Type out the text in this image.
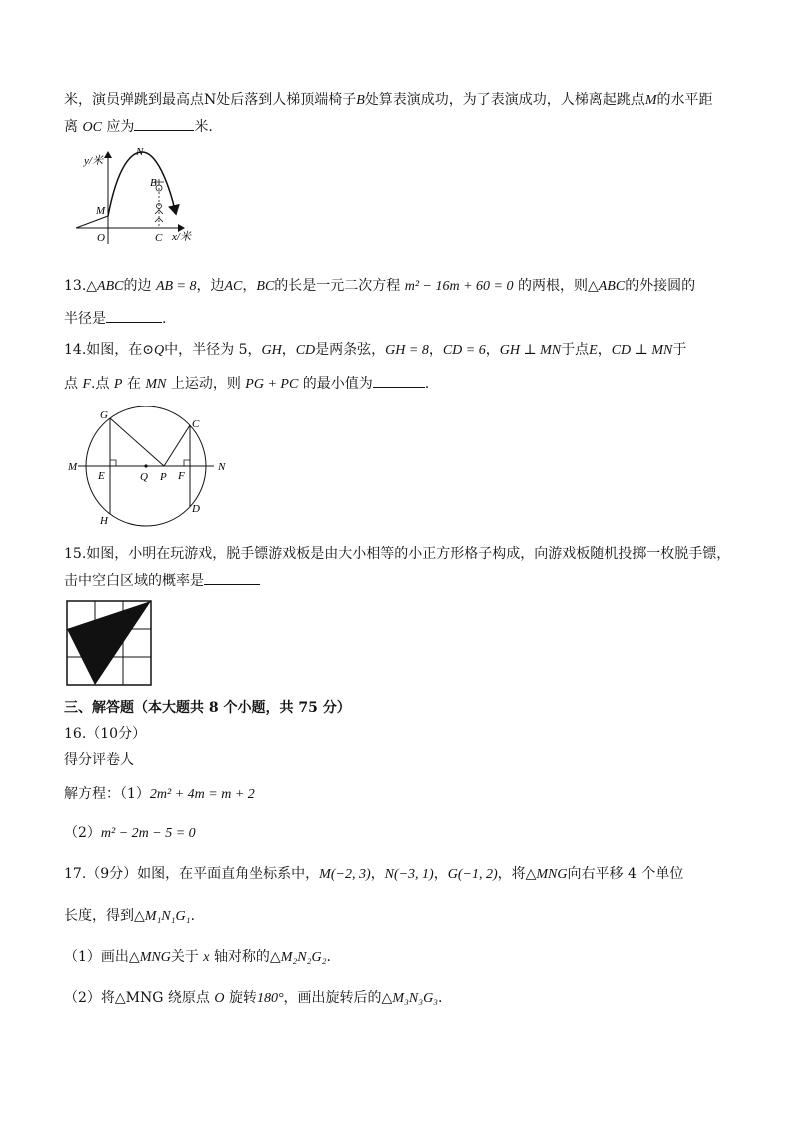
米，演员弹跳到最高点N处后落到人梯顶端椅子B处算表演成功，为了表演成功，人梯离起跳点M的水平距
离 OC 应为	米.
y/米
N
B
M
O	C x/米
13.△ABC的边 AB = 8，边AC，BC的长是一元二次方程 m² − 16m + 60 = 0 的两根，则△ABC的外接圆的
半径是	.
14.如图，在⊙Q中，半径为 5，GH，CD是两条弦，GH = 8，CD = 6，GH ⊥ MN于点E，CD ⊥ MN于
点 F.点 P 在 MN 上运动，则 PG + PC 的最小值为	.
G
C
M	N
E	Q P F
H
D
15.如图，小明在玩游戏，脱手镖游戏板是由大小相等的小正方形格子构成，向游戏板随机投掷一枚脱手镖，
击中空白区域的概率是
三、解答题（本大题共 8 个小题，共 75 分）
16.（10分）
得分评卷人
解方程：（1）2m² + 4m = m + 2
（2）m² − 2m − 5 = 0
17.（9分）如图，在平面直角坐标系中，M(−2, 3)，N(−3, 1)，G(−1, 2)，将△MNG向右平移 4 个单位
长度，得到△M₁N₁G₁.
（1）画出△MNG关于 x 轴对称的△M₂N₂G₂.
（2）将△MNG 绕原点 O 旋转180°，画出旋转后的△M₃N₃G₃.
